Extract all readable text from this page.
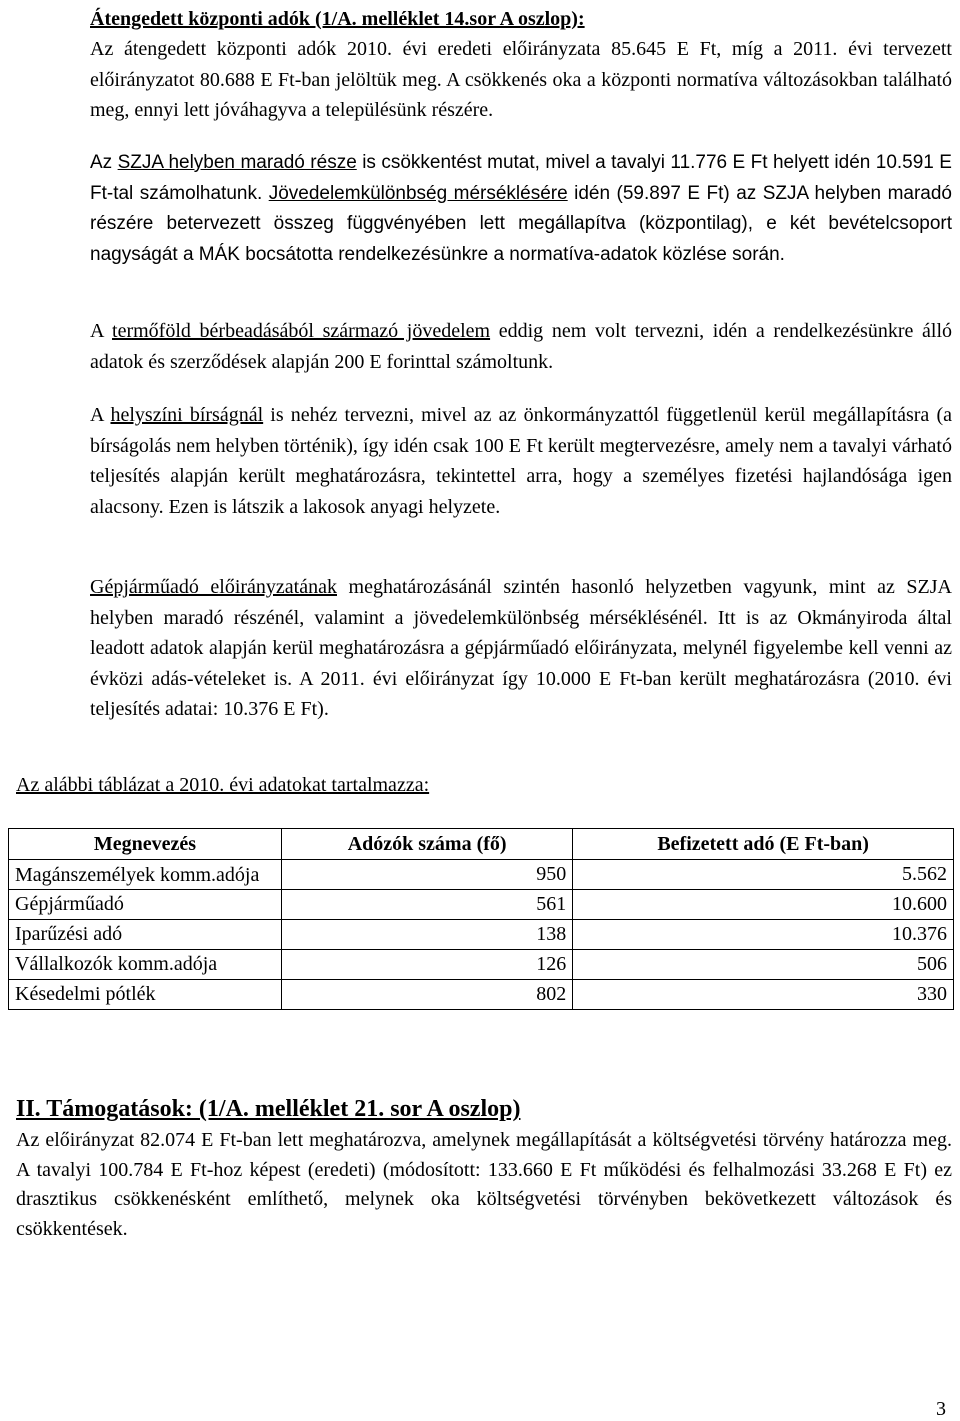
Átengedett központi adók (1/A. melléklet 14.sor A oszlop):

Az átengedett központi adók 2010. évi eredeti előirányzata 85.645 E Ft, míg a 2011. évi tervezett előirányzatot 80.688 E Ft-ban jelöltük meg. A csökkenés oka a központi normatíva változásokban található meg, ennyi lett jóváhagyva a településünk részére.

Az SZJA helyben maradó része is csökkentést mutat, mivel a tavalyi 11.776 E Ft helyett idén 10.591 E Ft-tal számolhatunk. Jövedelemkülönbség mérséklésére idén (59.897 E Ft) az SZJA helyben maradó részére betervezett összeg függvényében lett megállapítva (központilag), e két bevételcsoport nagyságát a MÁK bocsátotta rendelkezésünkre a normatíva-adatok közlése során.

A termőföld bérbeadásából származó jövedelem eddig nem volt tervezni, idén a rendelkezésünkre álló adatok és szerződések alapján 200 E forinttal számoltunk.

A helyszíni bírságnál is nehéz tervezni, mivel az az önkormányzattól függetlenül kerül megállapításra (a bírságolás nem helyben történik), így idén csak 100 E Ft került megtervezésre, amely nem a tavalyi várható teljesítés alapján került meghatározásra, tekintettel arra, hogy a személyes fizetési hajlandósága igen alacsony. Ezen is látszik a lakosok anyagi helyzete.

Gépjárműadó előirányzatának meghatározásánál szintén hasonló helyzetben vagyunk, mint az SZJA helyben maradó részénél, valamint a jövedelemkülönbség mérséklésénél. Itt is az Okmányiroda által leadott adatok alapján kerül meghatározásra a gépjárműadó előirányzata, melynél figyelembe kell venni az évközi adás-vételeket is. A 2011. évi előirányzat így 10.000 E Ft-ban került meghatározásra (2010. évi teljesítés adatai: 10.376 E Ft).

Az alábbi táblázat a 2010. évi adatokat tartalmazza:
Megnevezés	Adózók száma (fő)	Befizetett adó (E Ft-ban)
Magánszemélyek komm.adója	950	5.562
Gépjárműadó	561	10.600
Iparűzési adó	138	10.376
Vállalkozók komm.adója	126	506
Késedelmi pótlék	802	330
II. Támogatások: (1/A. melléklet 21. sor A oszlop)

Az előirányzat 82.074 E Ft-ban lett meghatározva, amelynek megállapítását a költségvetési törvény határozza meg. A tavalyi 100.784 E Ft-hoz képest (eredeti) (módosított: 133.660 E Ft működési és felhalmozási 33.268 E Ft) ez drasztikus csökkenésként említhető, melynek oka költségvetési törvényben bekövetkezett változások és csökkentések.

3
